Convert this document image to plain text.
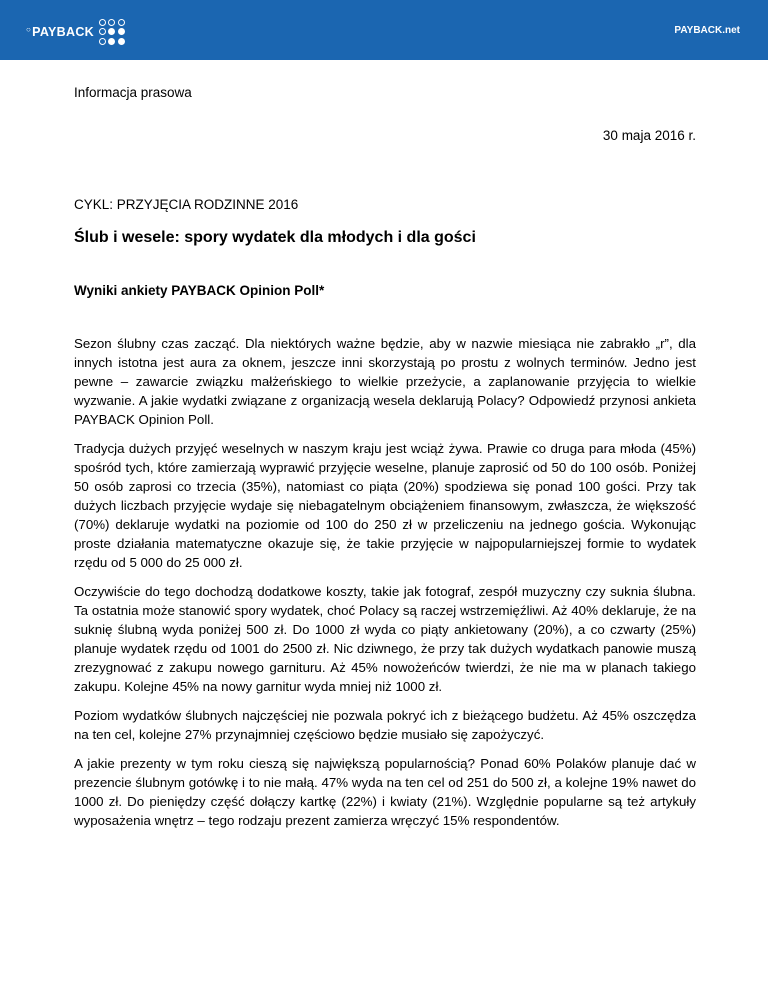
○PAYBACK	PAYBACK.net

Informacja prasowa

30 maja 2016 r.

CYKL: PRZYJĘCIA RODZINNE 2016

Ślub i wesele: spory wydatek dla młodych i dla gości
Wyniki ankiety PAYBACK Opinion Poll*

Sezon ślubny czas zacząć. Dla niektórych ważne będzie, aby w nazwie miesiąca nie zabrakło „r”, dla innych istotna jest aura za oknem, jeszcze inni skorzystają po prostu z wolnych terminów. Jedno jest pewne – zawarcie związku małżeńskiego to wielkie przeżycie, a zaplanowanie przyjęcia to wielkie wyzwanie. A jakie wydatki związane z organizacją wesela deklarują Polacy? Odpowiedź przynosi ankieta PAYBACK Opinion Poll.

Tradycja dużych przyjęć weselnych w naszym kraju jest wciąż żywa. Prawie co druga para młoda (45%) spośród tych, które zamierzają wyprawić przyjęcie weselne, planuje zaprosić od 50 do 100 osób. Poniżej 50 osób zaprosi co trzecia (35%), natomiast co piąta (20%) spodziewa się ponad 100 gości. Przy tak dużych liczbach przyjęcie wydaje się niebagatelnym obciążeniem finansowym, zwłaszcza, że większość (70%) deklaruje wydatki na poziomie od 100 do 250 zł w przeliczeniu na jednego gościa. Wykonując proste działania matematyczne okazuje się, że takie przyjęcie w najpopularniejszej formie to wydatek rzędu od 5 000 do 25 000 zł.

Oczywiście do tego dochodzą dodatkowe koszty, takie jak fotograf, zespół muzyczny czy suknia ślubna. Ta ostatnia może stanowić spory wydatek, choć Polacy są raczej wstrzemięźliwi. Aż 40% deklaruje, że na suknię ślubną wyda poniżej 500 zł. Do 1000 zł wyda co piąty ankietowany (20%), a co czwarty (25%) planuje wydatek rzędu od 1001 do 2500 zł. Nic dziwnego, że przy tak dużych wydatkach panowie muszą zrezygnować z zakupu nowego garnituru. Aż 45% nowożeńców twierdzi, że nie ma w planach takiego zakupu. Kolejne 45% na nowy garnitur wyda mniej niż 1000 zł.

Poziom wydatków ślubnych najczęściej nie pozwala pokryć ich z bieżącego budżetu. Aż 45% oszczędza na ten cel, kolejne 27% przynajmniej częściowo będzie musiało się zapożyczyć.

A jakie prezenty w tym roku cieszą się największą popularnością? Ponad 60% Polaków planuje dać w prezencie ślubnym gotówkę i to nie małą. 47% wyda na ten cel od 251 do 500 zł, a kolejne 19% nawet do 1000 zł. Do pieniędzy część dołączy kartkę (22%) i kwiaty (21%). Względnie popularne są też artykuły wyposażenia wnętrz – tego rodzaju prezent zamierza wręczyć 15% respondentów.
